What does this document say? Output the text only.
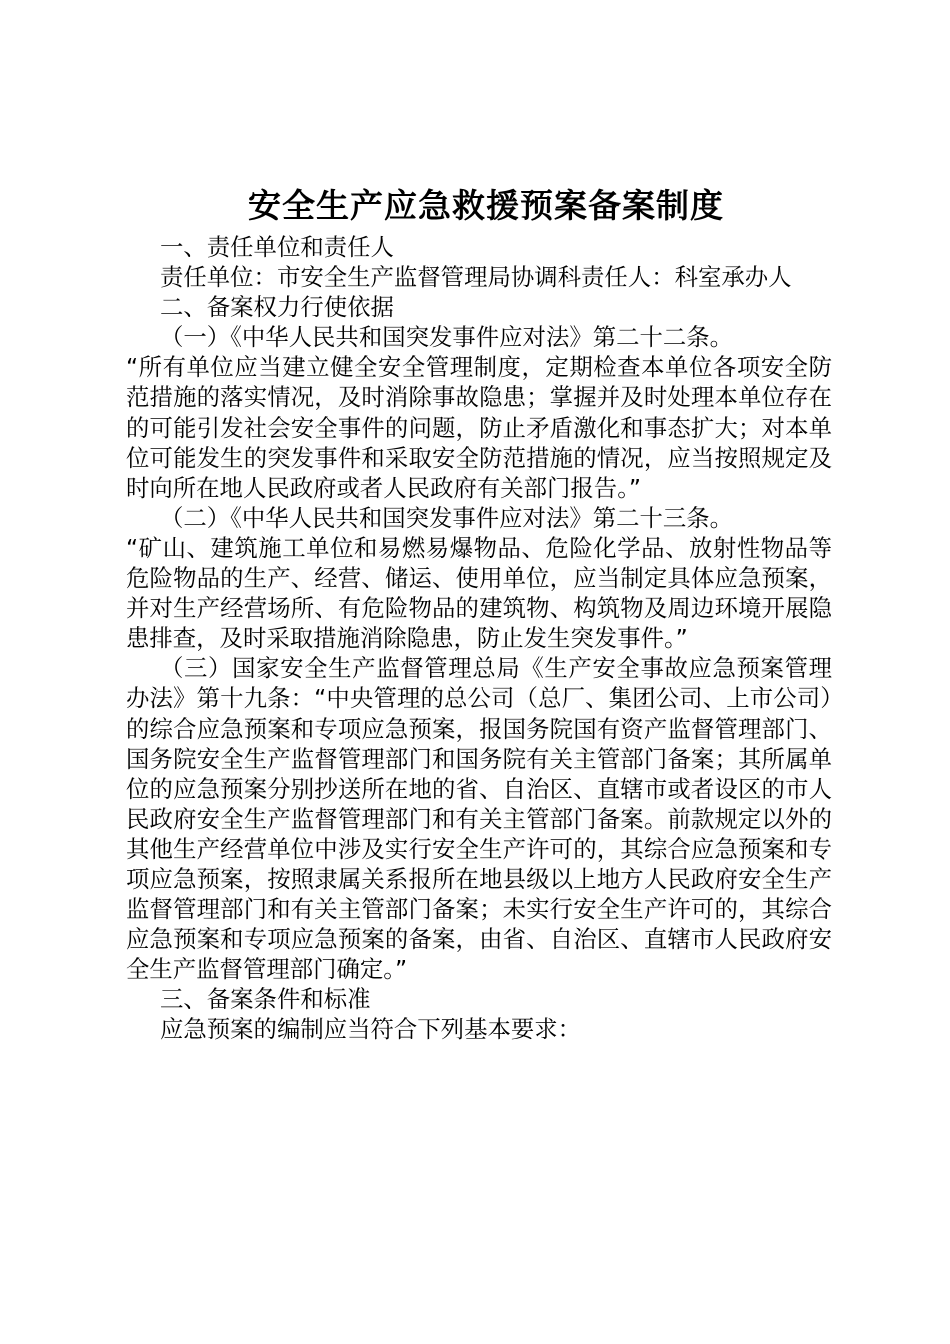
安全生产应急救援预案备案制度

一、责任单位和责任人

责任单位：市安全生产监督管理局协调科责任人：科室承办人

二、备案权力行使依据

（一）《中华人民共和国突发事件应对法》第二十二条。

“所有单位应当建立健全安全管理制度，定期检查本单位各项安全防范措施的落实情况，及时消除事故隐患；掌握并及时处理本单位存在的可能引发社会安全事件的问题，防止矛盾激化和事态扩大；对本单位可能发生的突发事件和采取安全防范措施的情况，应当按照规定及时向所在地人民政府或者人民政府有关部门报告。”

（二）《中华人民共和国突发事件应对法》第二十三条。

“矿山、建筑施工单位和易燃易爆物品、危险化学品、放射性物品等危险物品的生产、经营、储运、使用单位，应当制定具体应急预案，并对生产经营场所、有危险物品的建筑物、构筑物及周边环境开展隐患排查，及时采取措施消除隐患，防止发生突发事件。”

（三）国家安全生产监督管理总局《生产安全事故应急预案管理办法》第十九条：“中央管理的总公司（总厂、集团公司、上市公司）的综合应急预案和专项应急预案，报国务院国有资产监督管理部门、国务院安全生产监督管理部门和国务院有关主管部门备案；其所属单位的应急预案分别抄送所在地的省、自治区、直辖市或者设区的市人民政府安全生产监督管理部门和有关主管部门备案。前款规定以外的其他生产经营单位中涉及实行安全生产许可的，其综合应急预案和专项应急预案，按照隶属关系报所在地县级以上地方人民政府安全生产监督管理部门和有关主管部门备案；未实行安全生产许可的，其综合应急预案和专项应急预案的备案，由省、自治区、直辖市人民政府安全生产监督管理部门确定。”

三、备案条件和标准

应急预案的编制应当符合下列基本要求：
